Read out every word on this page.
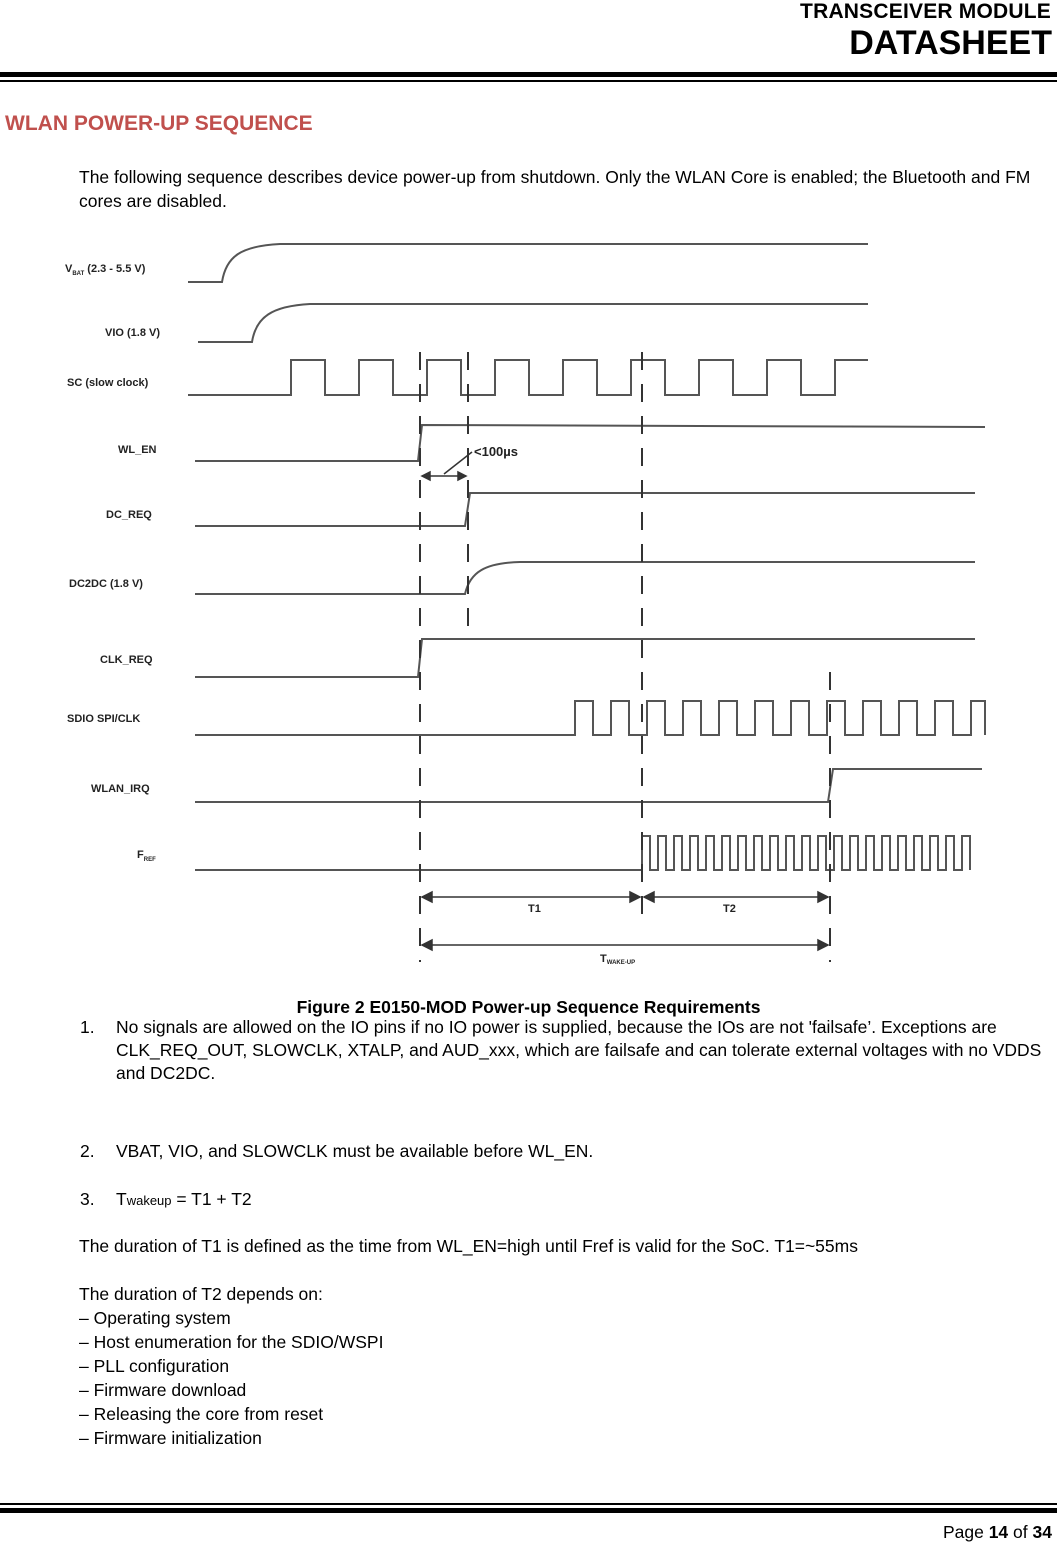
TRANSCEIVER MODULE
DATASHEET
WLAN POWER-UP SEQUENCE
The following sequence describes device power-up from shutdown. Only the WLAN Core is enabled; the Bluetooth and FM cores are disabled.
<100µs
T1	T2
TWAKE-UP
$V_{BAT}$ (2.3 - 5.5 V)
VIO (1.8 V)
SC (slow clock)
WL_EN
DC_REQ
DC2DC (1.8 V)
CLK_REQ
SDIO SPI/CLK
WLAN_IRQ
$F_{REF}$
Figure 2 E0150-MOD Power-up Sequence Requirements
1. No signals are allowed on the IO pins if no IO power is supplied, because the IOs are not 'failsafe’. Exceptions are CLK_REQ_OUT, SLOWCLK, XTALP, and AUD_xxx, which are failsafe and can tolerate external voltages with no VDDS and DC2DC.
2. VBAT, VIO, and SLOWCLK must be available before WL_EN.
3. Twakeup = T1 + T2
The duration of T1 is defined as the time from WL_EN=high until Fref is valid for the SoC. T1=~55ms
The duration of T2 depends on:
– Operating system
– Host enumeration for the SDIO/WSPI
– PLL configuration
– Firmware download
– Releasing the core from reset
– Firmware initialization
Page 14 of 34
